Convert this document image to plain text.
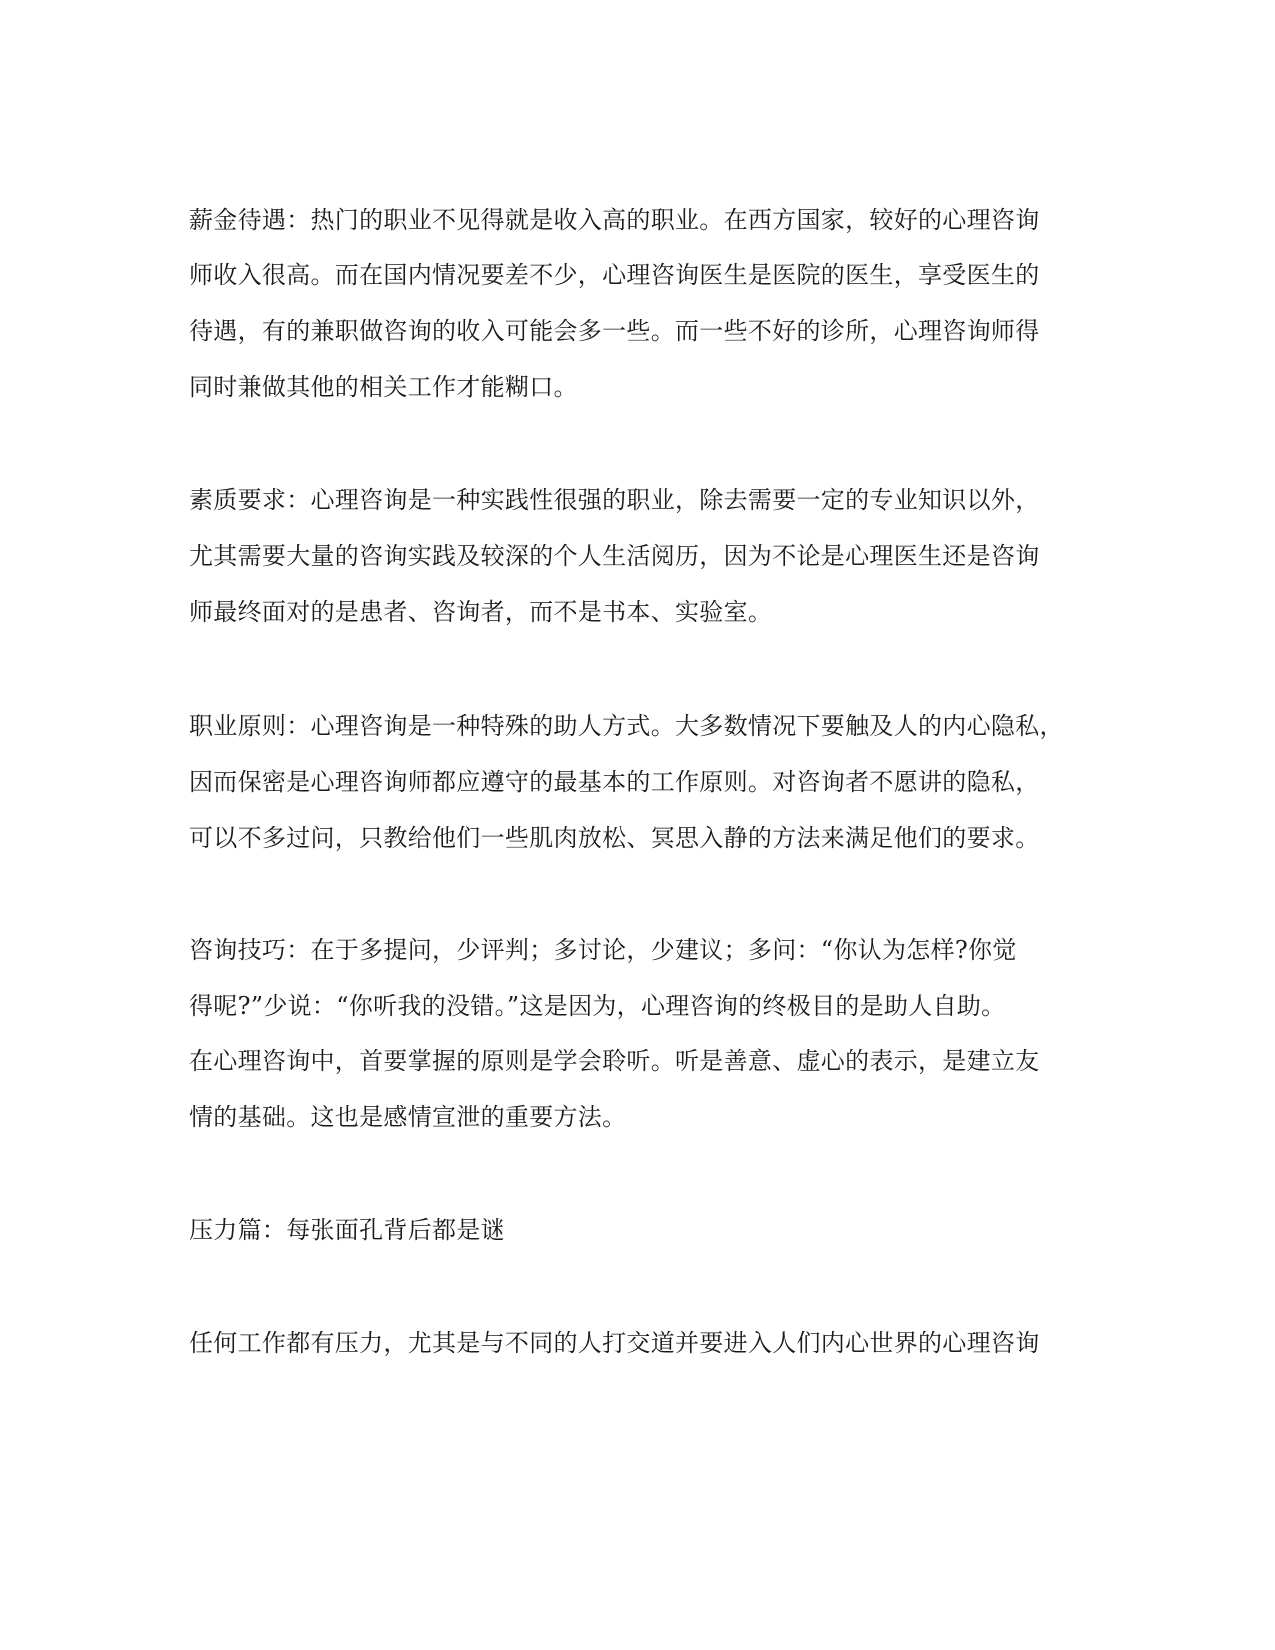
薪金待遇：热门的职业不见得就是收入高的职业。在西方国家，较好的心理咨询
师收入很高。而在国内情况要差不少，心理咨询医生是医院的医生，享受医生的
待遇，有的兼职做咨询的收入可能会多一些。而一些不好的诊所，心理咨询师得
同时兼做其他的相关工作才能糊口。
素质要求：心理咨询是一种实践性很强的职业，除去需要一定的专业知识以外，
尤其需要大量的咨询实践及较深的个人生活阅历，因为不论是心理医生还是咨询
师最终面对的是患者、咨询者，而不是书本、实验室。
职业原则：心理咨询是一种特殊的助人方式。大多数情况下要触及人的内心隐私，
因而保密是心理咨询师都应遵守的最基本的工作原则。对咨询者不愿讲的隐私，
可以不多过问，只教给他们一些肌肉放松、冥思入静的方法来满足他们的要求。
咨询技巧：在于多提问，少评判；多讨论，少建议；多问：“你认为怎样?你觉
得呢?”少说：“你听我的没错。”这是因为，心理咨询的终极目的是助人自助。
在心理咨询中，首要掌握的原则是学会聆听。听是善意、虚心的表示，是建立友
情的基础。这也是感情宣泄的重要方法。
压力篇：每张面孔背后都是谜
任何工作都有压力，尤其是与不同的人打交道并要进入人们内心世界的心理咨询
